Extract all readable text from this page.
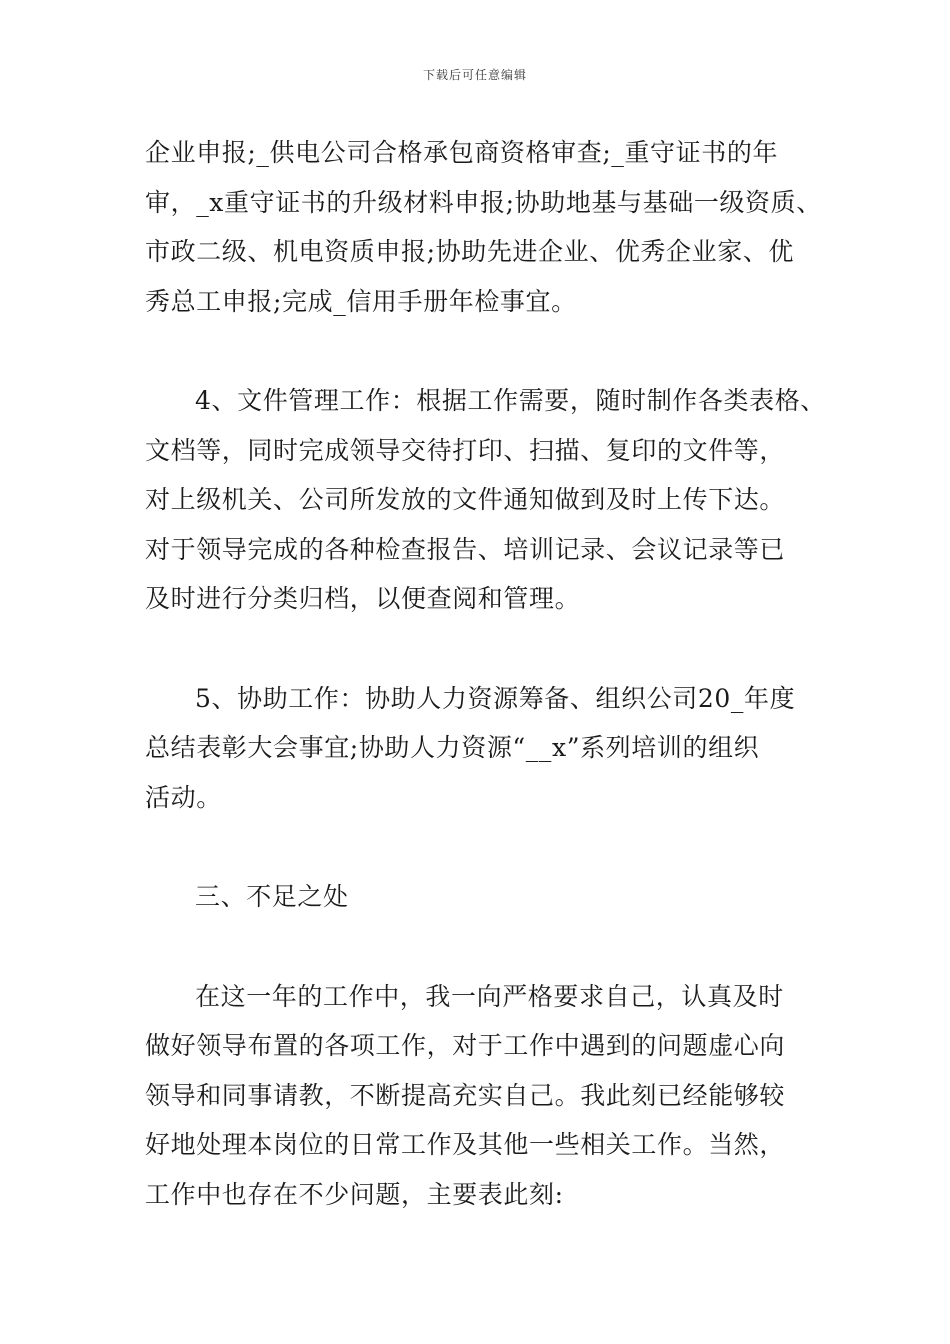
下载后可任意编辑

企业申报;_供电公司合格承包商资格审查;_重守证书的年
审，_x重守证书的升级材料申报;协助地基与基础一级资质、
市政二级、机电资质申报;协助先进企业、优秀企业家、优
秀总工申报;完成_信用手册年检事宜。

4、文件管理工作：根据工作需要，随时制作各类表格、
文档等，同时完成领导交待打印、扫描、复印的文件等，
对上级机关、公司所发放的文件通知做到及时上传下达。
对于领导完成的各种检查报告、培训记录、会议记录等已
及时进行分类归档，以便查阅和管理。

5、协助工作：协助人力资源筹备、组织公司20_年度
总结表彰大会事宜;协助人力资源“__x”系列培训的组织
活动。

三、不足之处

在这一年的工作中，我一向严格要求自己，认真及时
做好领导布置的各项工作，对于工作中遇到的问题虚心向
领导和同事请教，不断提高充实自己。我此刻已经能够较
好地处理本岗位的日常工作及其他一些相关工作。当然，
工作中也存在不少问题，主要表此刻:
